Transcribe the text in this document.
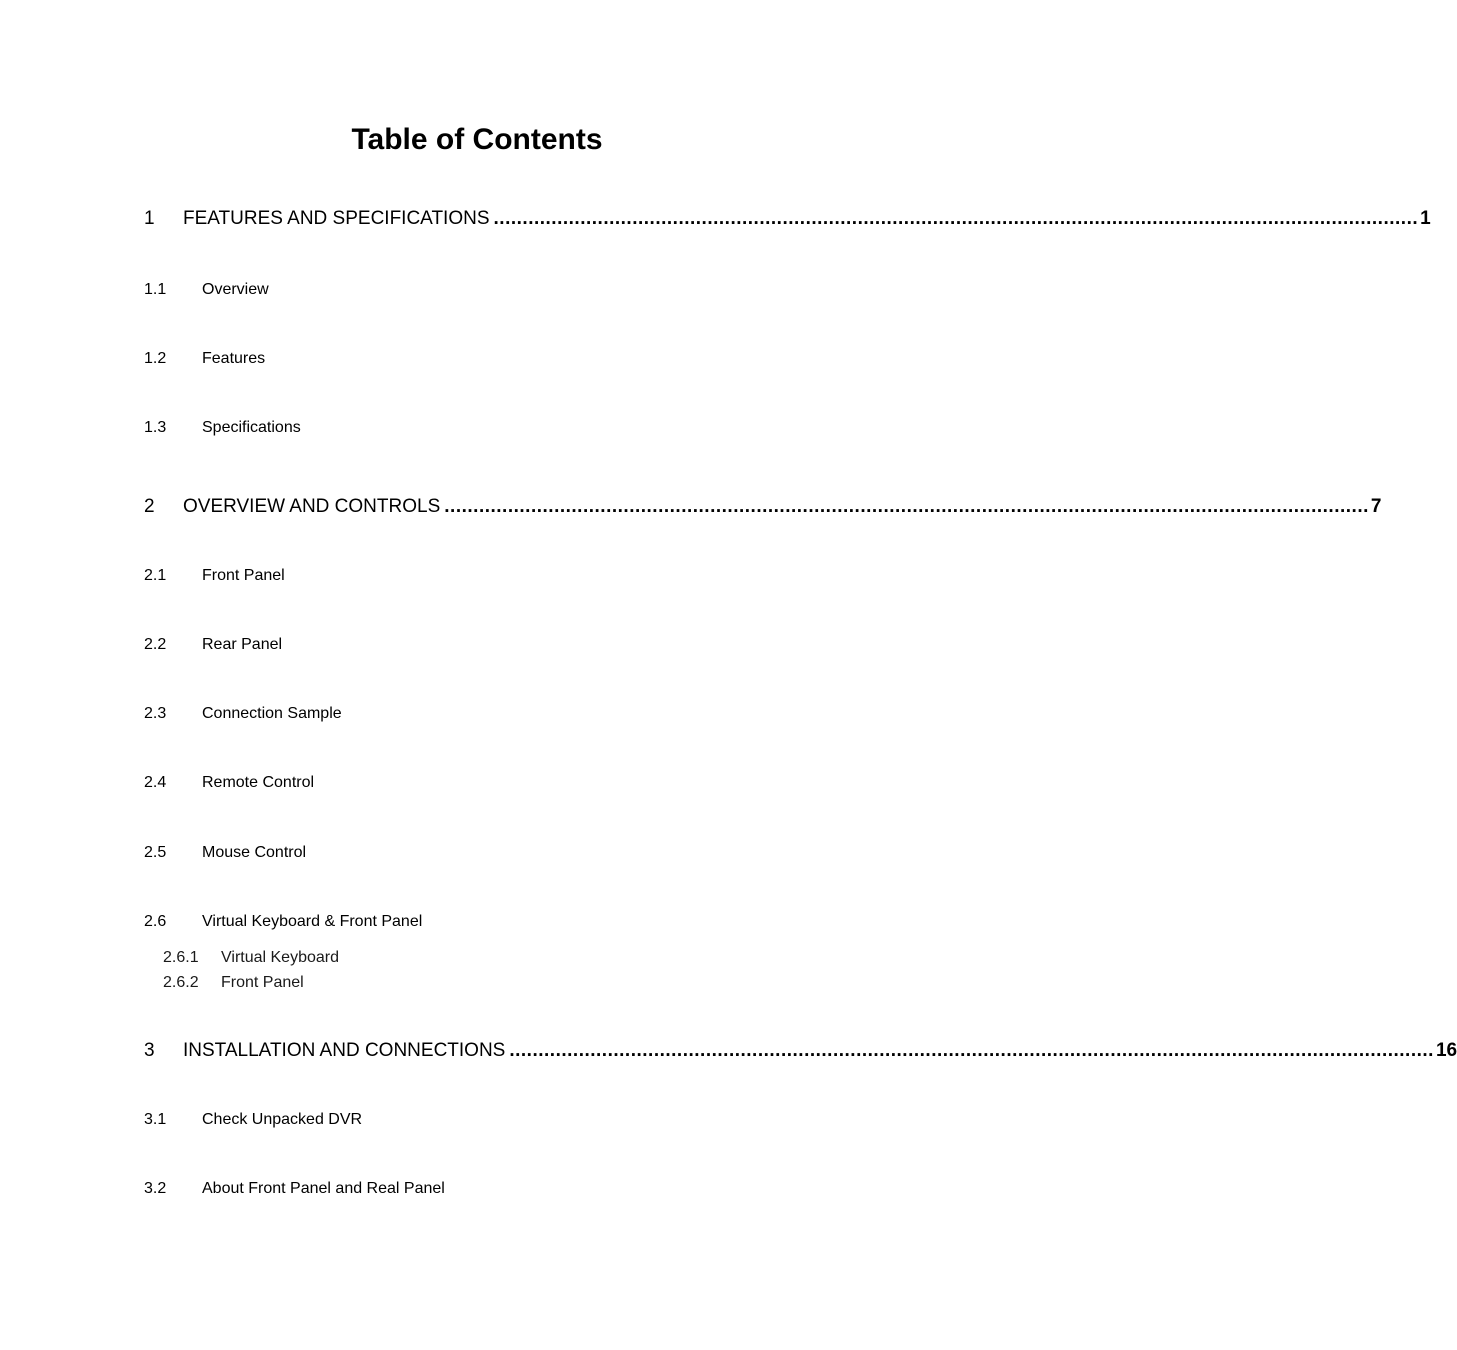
Table of Contents
1	FEATURES AND SPECIFICATIONS ................................................................................................................................................................ 1
1.1	Overview
1.2	Features
1.3	Specifications
2	OVERVIEW AND CONTROLS ................................................................................................................................................................ 7
2.1	Front Panel
2.2	Rear Panel
2.3	Connection Sample
2.4	Remote Control
2.5	Mouse Control
2.6	Virtual Keyboard & Front Panel
2.6.1	Virtual Keyboard
2.6.2	Front Panel
3	INSTALLATION AND CONNECTIONS ................................................................................................................................................................ 16
3.1	Check Unpacked DVR
3.2	About Front Panel and Real Panel
